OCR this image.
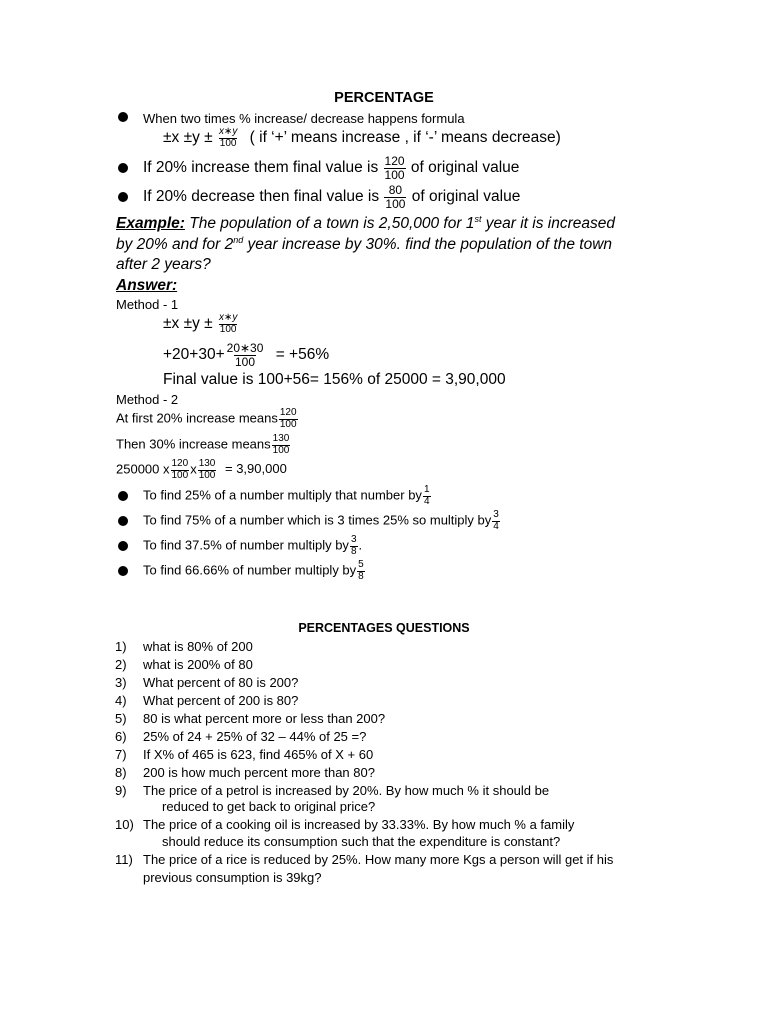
PERCENTAGE
When two times % increase/ decrease happens formula
$\pm x \pm y \pm \frac{x∗y}{100}$ ( if ‘+’ means increase , if ‘-’ means decrease)
If 20% increase them final value is $\frac{120}{100}$ of original value
If 20% decrease then final value is $\frac{80}{100}$ of original value
Example: The population of a town is 2,50,000 for 1st year it is increased
by 20% and for 2nd year increase by 30%. find the population of the town
after 2 years?
Answer:
Method - 1
$\pm x \pm y \pm \frac{x∗y}{100}$
$+20+30+ \frac{20∗30}{100} = +56\%$
Final value is 100+56= 156% of 25000 = 3,90,000
Method - 2
At first 20% increase means $\frac{120}{100}$
Then 30% increase means $\frac{130}{100}$
250000 x $\frac{120}{100}$ x $\frac{130}{100} = 3,90,000$
To find 25% of a number multiply that number by $\frac{1}{4}$
To find 75% of a number which is 3 times 25% so multiply by $\frac{3}{4}$
To find 37.5% of number multiply by $\frac{3}{8}$ .
To find 66.66% of number multiply by $\frac{5}{8}$
PERCENTAGES QUESTIONS
1) what is 80% of 200
2) what is 200% of 80
3) What percent of 80 is 200?
4) What percent of 200 is 80?
5) 80 is what percent more or less than 200?
6) 25% of 24 + 25% of 32 – 44% of 25 =?
7) If X% of 465 is 623, find 465% of X + 60
8) 200 is how much percent more than 80?
9) The price of a petrol is increased by 20%. By how much % it should be
reduced to get back to original price?
10) The price of a cooking oil is increased by 33.33%. By how much % a family
should reduce its consumption such that the expenditure is constant?
11) The price of a rice is reduced by 25%. How many more Kgs a person will get if his
previous consumption is 39kg?
